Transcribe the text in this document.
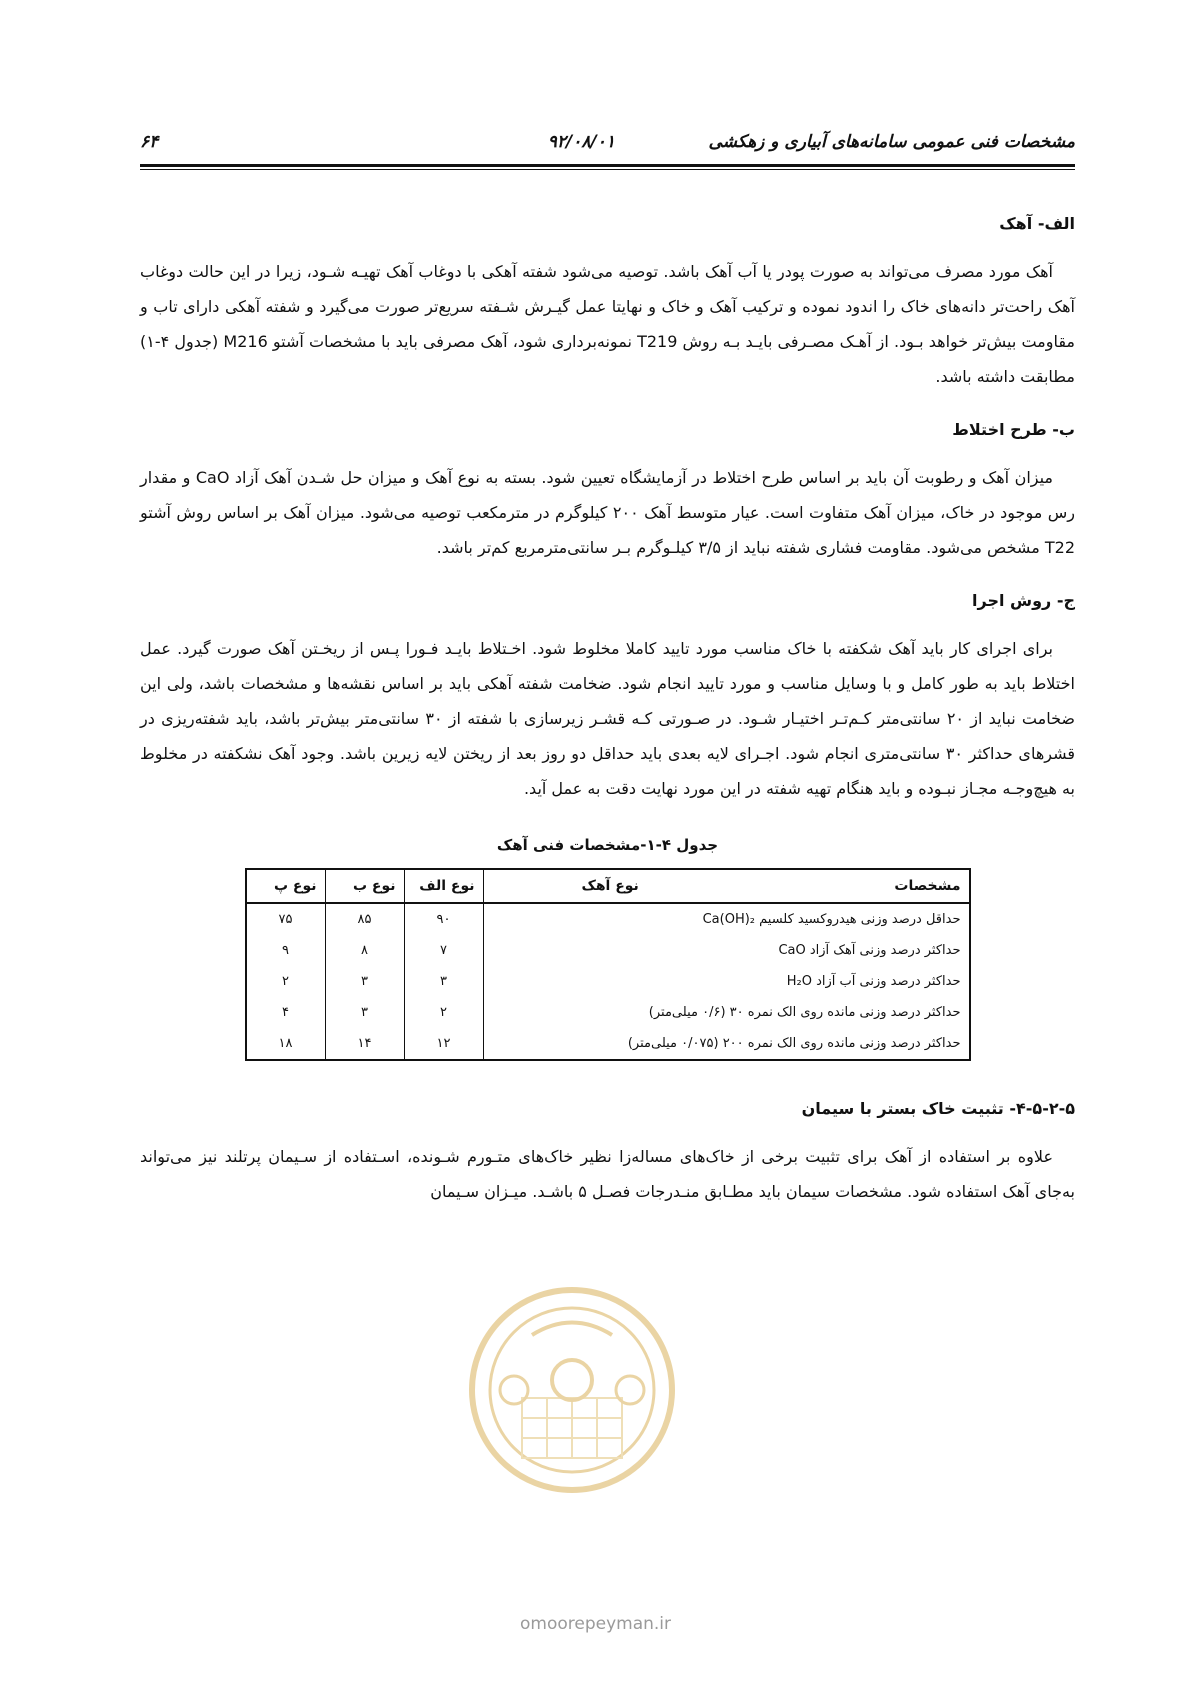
مشخصات فنی عمومی سامانه‌های آبیاری و زهکشی
۹۲/۰۸/۰۱
۶۴
الف- آهک

آهک مورد مصرف می‌تواند به صورت پودر یا آب آهک باشد. توصیه می‌شود شفته آهکی با دوغاب آهک تهیـه شـود، زیرا در این حالت دوغاب آهک راحت‌تر دانه‌های خاک را اندود نموده و ترکیب آهک و خاک و نهایتا عمل گیـرش شـفته سریع‌تر صورت می‌گیرد و شفته آهکی دارای تاب و مقاومت بیش‌تر خواهد بـود. از آهـک مصـرفی بایـد بـه روش T219 نمونه‌برداری شود، آهک مصرفی باید با مشخصات آشتو M216 (جدول ۴-۱) مطابقت داشته باشد.

ب- طرح اختلاط

میزان آهک و رطوبت آن باید بر اساس طرح اختلاط در آزمایشگاه تعیین شود. بسته به نوع آهک و میزان حل شـدن آهک آزاد CaO و مقدار رس موجود در خاک، میزان آهک متفاوت است. عیار متوسط آهک ۲۰۰ کیلوگرم در مترمکعب توصیه می‌شود. میزان آهک بر اساس روش آشتو T22 مشخص می‌شود. مقاومت فشاری شفته نباید از ۳/۵ کیلـوگرم بـر سانتی‌مترمربع کم‌تر باشد.

ج- روش اجرا

برای اجرای کار باید آهک شکفته با خاک مناسب مورد تایید کاملا مخلوط شود. اخـتلاط بایـد فـورا پـس از ریخـتن آهک صورت گیرد. عمل اختلاط باید به طور کامل و با وسایل مناسب و مورد تایید انجام شود. ضخامت شفته آهکی باید بر اساس نقشه‌ها و مشخصات باشد، ولی این ضخامت نباید از ۲۰ سانتی‌متر کـم‌تـر اختیـار شـود. در صـورتی کـه قشـر زیرسازی با شفته از ۳۰ سانتی‌متر بیش‌تر باشد، باید شفته‌ریزی در قشرهای حداکثر ۳۰ سانتی‌متری انجام شود. اجـرای لایه بعدی باید حداقل دو روز بعد از ریختن لایه زیرین باشد. وجود آهک نشکفته در مخلوط به هیچ‌وجـه مجـاز نبـوده و باید هنگام تهیه شفته در این مورد نهایت دقت به عمل آید.

جدول ۴-۱-مشخصات فنی آهک
مشخصات
نوع آهک	نوع الف	نوع ب	نوع پ
حداقل درصد وزنی هیدروکسید کلسیم Ca(OH)₂	۹۰	۸۵	۷۵
حداکثر درصد وزنی آهک آزاد CaO	۷	۸	۹
حداکثر درصد وزنی آب آزاد H₂O	۳	۳	۲
حداکثر درصد وزنی مانده روی الک نمره ۳۰ (۰/۶ میلی‌متر)	۲	۳	۴
حداکثر درصد وزنی مانده روی الک نمره ۲۰۰ (۰/۰۷۵ میلی‌متر)	۱۲	۱۴	۱۸
۴-۵-۲-۵- تثبیت خاک بستر با سیمان

علاوه بر استفاده از آهک برای تثبیت برخی از خاک‌های مساله‌زا نظیر خاک‌های متـورم شـونده، اسـتفاده از سـیمان پرتلند نیز می‌تواند به‌جای آهک استفاده شود. مشخصات سیمان باید مطـابق منـدرجات فصـل ۵ باشـد. میـزان سـیمان

omoorepeyman.ir
